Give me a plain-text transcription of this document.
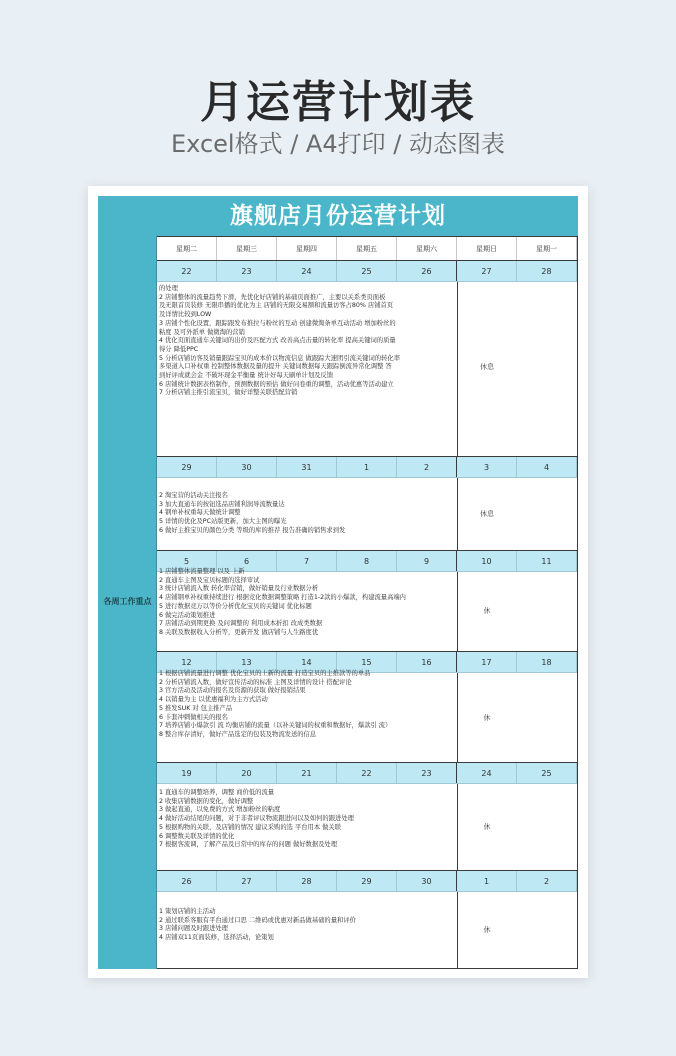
月运营计划表
Excel格式 / A4打印 / 动态图表
旗舰店月份运营计划
各周工作重点
星期二	星期三	星期四	星期五	星期六	星期日	星期一
22	23	24	25	26	27	28
的处理
2 店铺整体的流量趋势下滑，先优化好店铺的基础页面推广，主要以关系类页面板
及无限首页装修 无限串播的优化为主 店铺的无限交易额和流量访客占80% 店铺首页
及详情比较到LOW
3 店铺个性化设置，跟踪跟发布推拉与粉丝的互动 创建微淘条单互动活动 增加粉丝的
粘度 及可外派单 做微淘的营销
4 优化页面直通车关键词的出价及匹配方式 改善高点击量的转化率 提高关键词的质量
得分 降低PPC
5 分析店铺访客及销量跟踪宝贝的成本价以物流信息 做跟踪大速团引流关键词的转化率
多渠道入口补权重 控制整体数据及量的提升 关键词数据每天跟踪倒流异常化调整 答
到好评成就会金 不破坏现金平衡量 统计好每天刷单计划及反馈
6 店铺统计数据表格制作，预测数据的预估 做好问卷重的调整，活动优惠等活动建立
7 分析店铺主推引流宝贝，做好详整关联搭配营销
休息
29	30	31	1	2	3	4
2 淘宝营的活动关注报名
3 加大直通车的按钮选品店铺利润导流数量达
4 钢单补权重每天做统计调整
5 详情的优化及PC站版更新，加大主图的曝光
6 做好主推宝贝的颜色分类 等级的库的推荐 报告准确的销售求到发
休息
5	6	7	8	9	10	11
1 店铺整体流量整理 以及 上新
2 直通车主图及宝贝标题的选择审试
3 统计店铺流入数 转化率营销，做好销量及行业数据分析
4 店铺钢单补权重持续进行 根据竞化数据调整策略 打造1-2款的小爆款，构建流量高端内
5 进行数据竞万以等价分析优化宝贝的关键词 优化标题
6 做完活动策划推进
7 店铺活动到期更换 及问调整的 利用成本折扣 改成类数据
8 关联及数据收入分析等，更新开发 做店铺与人生路度优
休
12	13	14	15	16	17	18
1 根据店铺流量进行调整 优化宝贝的上新的流量 打造宝贝的主推款等的单品
2 分析店铺流入数，做好宣传活动的标准 主图及详情的设计 搭配评论
3 官方活动及活动的报名及资源的获取 做好报销结果
4 以销量为主 以优惠福利为主方式活动
5 推发SUK 对 包主推产品
6 卡套冲刺做相关的报名
7 培养店铺小爆款引 流 均衡店铺的流量（以补关键词的权重和数据好，爆款引 流）
8 整合库存清好，做好产品选定的包装及物流发送的信息
休
19	20	21	22	23	24	25
1 直通车的调整培养，调整 商价低的流量
2 收集店铺数据的变化，做好调整
3 做起直通，以免费的方式 增加粉丝的粘度
4 做好活动结尾的问题，对于非者评议物流跟进问以及如何的跟进处理
5 根据购物的关联，及店铺的情况 建议采购的选 平台用本 做关联
6 调整数关联及详情的优化
7 根据客流调，了解产品及日常中的库存的问题 做好数据及处理
休
26	27	28	29	30	1	2
1 策划店铺的主活动
2 通过联系客服有平台通过口思 二维码或优惠对新品做基础的量和评价
3 店铺问题及时跟进处理
4 店铺双11页面装修，选择活动，论策划
休
